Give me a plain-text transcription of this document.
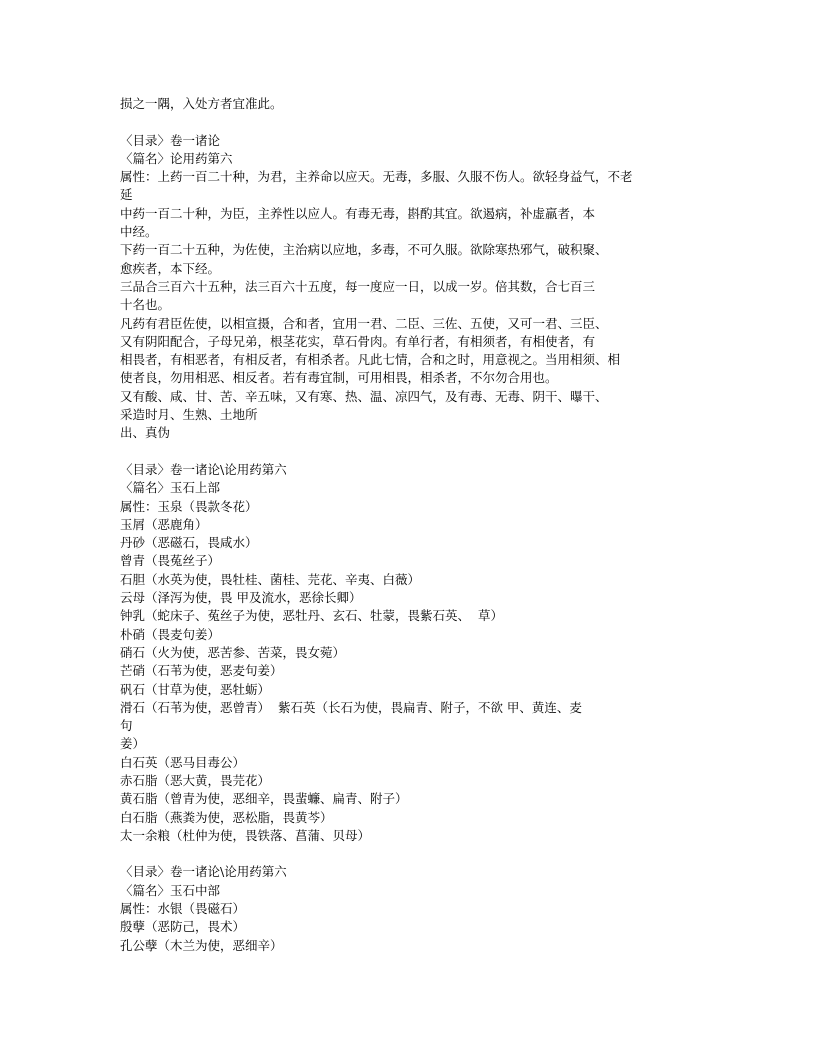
损之一隅，入处方者宜准此。
〈目录〉卷一诸论
〈篇名〉论用药第六
属性：上药一百二十种，为君，主养命以应天。无毒，多服、久服不伤人。欲轻身益气，不老
延
中药一百二十种，为臣，主养性以应人。有毒无毒，斟酌其宜。欲遏病，补虚羸者，本
中经。
下药一百二十五种，为佐使，主治病以应地，多毒，不可久服。欲除寒热邪气，破积聚、
愈疾者，本下经。
三品合三百六十五种，法三百六十五度，每一度应一日，以成一岁。倍其数，合七百三
十名也。
凡药有君臣佐使，以相宣摄，合和者，宜用一君、二臣、三佐、五使，又可一君、三臣、
又有阴阳配合，子母兄弟，根茎花实，草石骨肉。有单行者，有相须者，有相使者，有
相畏者，有相恶者，有相反者，有相杀者。凡此七情，合和之时，用意视之。当用相须、相
使者良，勿用相恶、相反者。若有毒宜制，可用相畏，相杀者，不尔勿合用也。
又有酸、咸、甘、苦、辛五味，又有寒、热、温、凉四气，及有毒、无毒、阴干、曝干、
采造时月、生熟、土地所
出、真伪
〈目录〉卷一诸论\论用药第六
〈篇名〉玉石上部
属性：玉泉（畏款冬花）
玉屑（恶鹿角）
丹砂（恶磁石，畏咸水）
曾青（畏菟丝子）
石胆（水英为使，畏牡桂、菌桂、芫花、辛夷、白薇）
云母（泽泻为使，畏 甲及流水，恶徐长卿）
钟乳（蛇床子、菟丝子为使，恶牡丹、玄石、牡蒙，畏紫石英、  草）
朴硝（畏麦句姜）
硝石（火为使，恶苦参、苦菜，畏女菀）
芒硝（石苇为使，恶麦句姜）
矾石（甘草为使，恶牡蛎）
滑石（石苇为使，恶曾青）  紫石英（长石为使，畏扁青、附子，不欲 甲、黄连、麦
句
姜）
白石英（恶马目毒公）
赤石脂（恶大黄，畏芫花）
黄石脂（曾青为使，恶细辛，畏蜚蠊、扁青、附子）
白石脂（燕粪为使，恶松脂，畏黄芩）
太一余粮（杜仲为使，畏铁落、菖蒲、贝母）
〈目录〉卷一诸论\论用药第六
〈篇名〉玉石中部
属性：水银（畏磁石）
殷孽（恶防己，畏术）
孔公孽（木兰为使，恶细辛）
